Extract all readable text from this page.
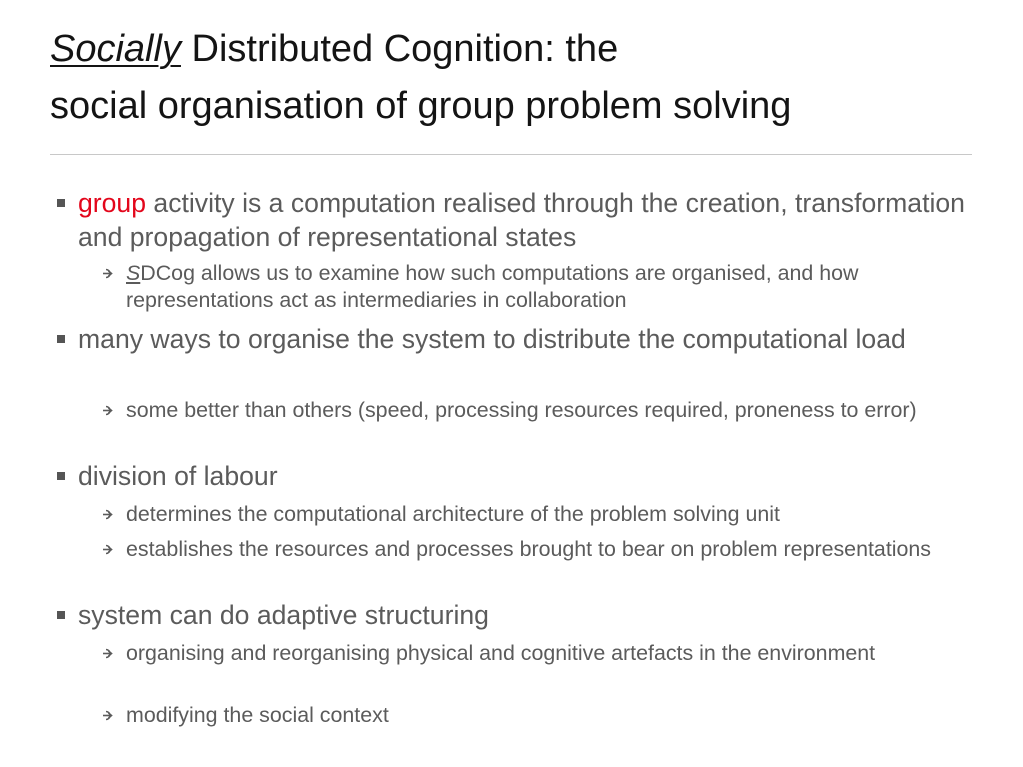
Socially Distributed Cognition: the
social organisation of group problem solving
group activity is a computation realised through the creation, transformation and propagation of representational states
SDCog allows us to examine how such computations are organised, and how representations act as intermediaries in collaboration
many ways to organise the system to distribute the computational load
some better than others (speed, processing resources required, proneness to error)
division of labour
determines the computational architecture of the problem solving unit
establishes the resources and processes brought to bear on problem representations
system can do adaptive structuring
organising and reorganising physical and cognitive artefacts in the environment
modifying the social context
